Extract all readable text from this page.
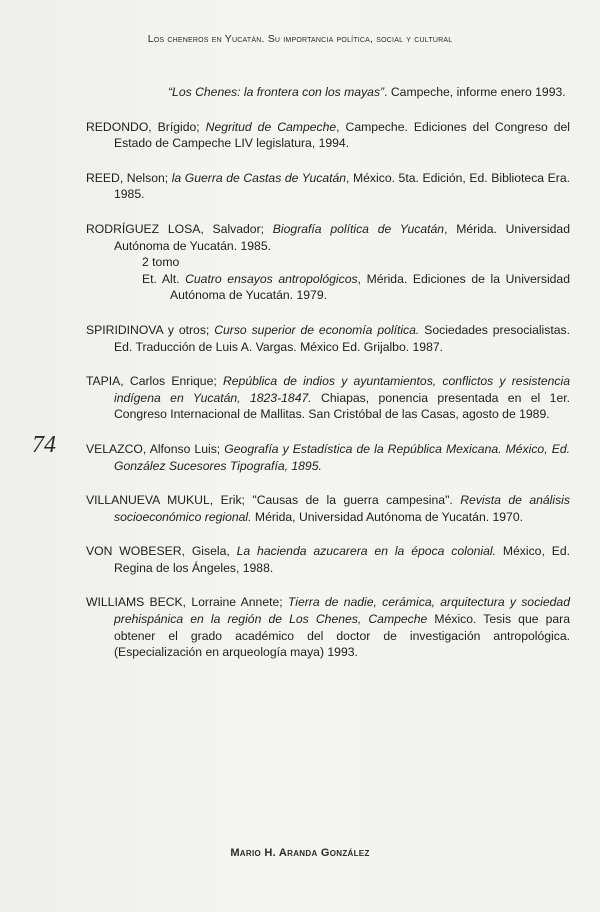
Los cheneros en Yucatán. Su importancia política, social y cultural
74
“Los Chenes: la frontera con los mayas”. Campeche, informe enero 1993.
REDONDO, Brígido; Negritud de Campeche, Campeche. Ediciones del Congreso del Estado de Campeche LIV legislatura, 1994.
REED, Nelson; la Guerra de Castas de Yucatán, México. 5ta. Edición, Ed. Biblioteca Era. 1985.
RODRÍGUEZ LOSA, Salvador; Biografía política de Yucatán, Mérida. Universidad Autónoma de Yucatán. 1985.
2 tomo
Et. Alt. Cuatro ensayos antropológicos, Mérida. Ediciones de la Universidad Autónoma de Yucatán. 1979.
SPIRIDINOVA y otros; Curso superior de economía política. Sociedades presocialistas. Ed. Traducción de Luis A. Vargas. México Ed. Grijalbo. 1987.
TAPIA, Carlos Enrique; República de indios y ayuntamientos, conflictos y resistencia indígena en Yucatán, 1823-1847. Chiapas, ponencia presentada en el 1er. Congreso Internacional de Mallitas. San Cristóbal de las Casas, agosto de 1989.
VELAZCO, Alfonso Luis; Geografía y Estadística de la República Mexicana. México, Ed. González Sucesores Tipografía, 1895.
VILLANUEVA MUKUL, Erik; "Causas de la guerra campesina". Revista de análisis socioeconómico regional. Mérida, Universidad Autónoma de Yucatán. 1970.
VON WOBESER, Gisela, La hacienda azucarera en la época colonial. México, Ed. Regina de los Ángeles, 1988.
WILLIAMS BECK, Lorraine Annete; Tierra de nadie, cerámica, arquitectura y sociedad prehispánica en la región de Los Chenes, Campeche México. Tesis que para obtener el grado académico del doctor de investigación antropológica. (Especialización en arqueología maya) 1993.
Mario H. Aranda González
